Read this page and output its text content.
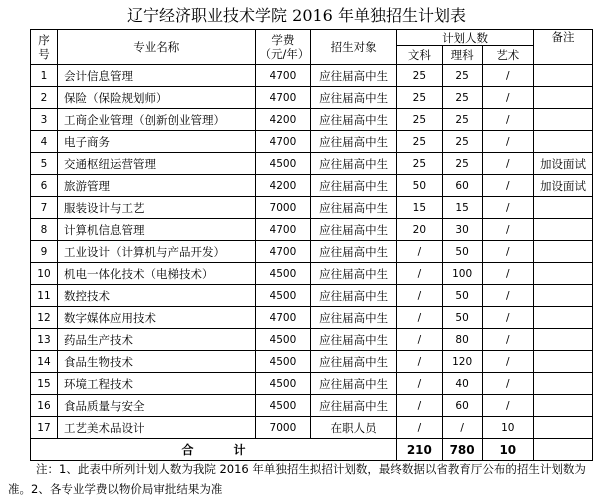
辽宁经济职业技术学院 2016 年单独招生计划表
序号	专业名称	学费（元/年）	招生对象	计划人数			备注
				文科	理科	艺术	
1	会计信息管理	4700	应往届高中生	25	25	/	
2	保险（保险规划师）	4700	应往届高中生	25	25	/	
3	工商企业管理（创新创业管理）	4200	应往届高中生	25	25	/	
4	电子商务	4700	应往届高中生	25	25	/	
5	交通枢纽运营管理	4500	应往届高中生	25	25	/	加设面试
6	旅游管理	4200	应往届高中生	50	60	/	加设面试
7	服装设计与工艺	7000	应往届高中生	15	15	/	
8	计算机信息管理	4700	应往届高中生	20	30	/	
9	工业设计（计算机与产品开发）	4700	应往届高中生	/	50	/	
10	机电一体化技术（电梯技术）	4500	应往届高中生	/	100	/	
11	数控技术	4500	应往届高中生	/	50	/	
12	数字媒体应用技术	4700	应往届高中生	/	50	/	
13	药品生产技术	4500	应往届高中生	/	80	/	
14	食品生物技术	4500	应往届高中生	/	120	/	
15	环境工程技术	4500	应往届高中生	/	40	/	
16	食品质量与安全	4500	应往届高中生	/	60	/	
17	工艺美术品设计	7000	在职人员	/	/	10	
合计				210	780	10	
注：1、此表中所列计划人数为我院 2016 年单独招生拟招计划数，最终数据以省教育厅公布的招生计划数为准。2、各专业学费以物价局审批结果为准
